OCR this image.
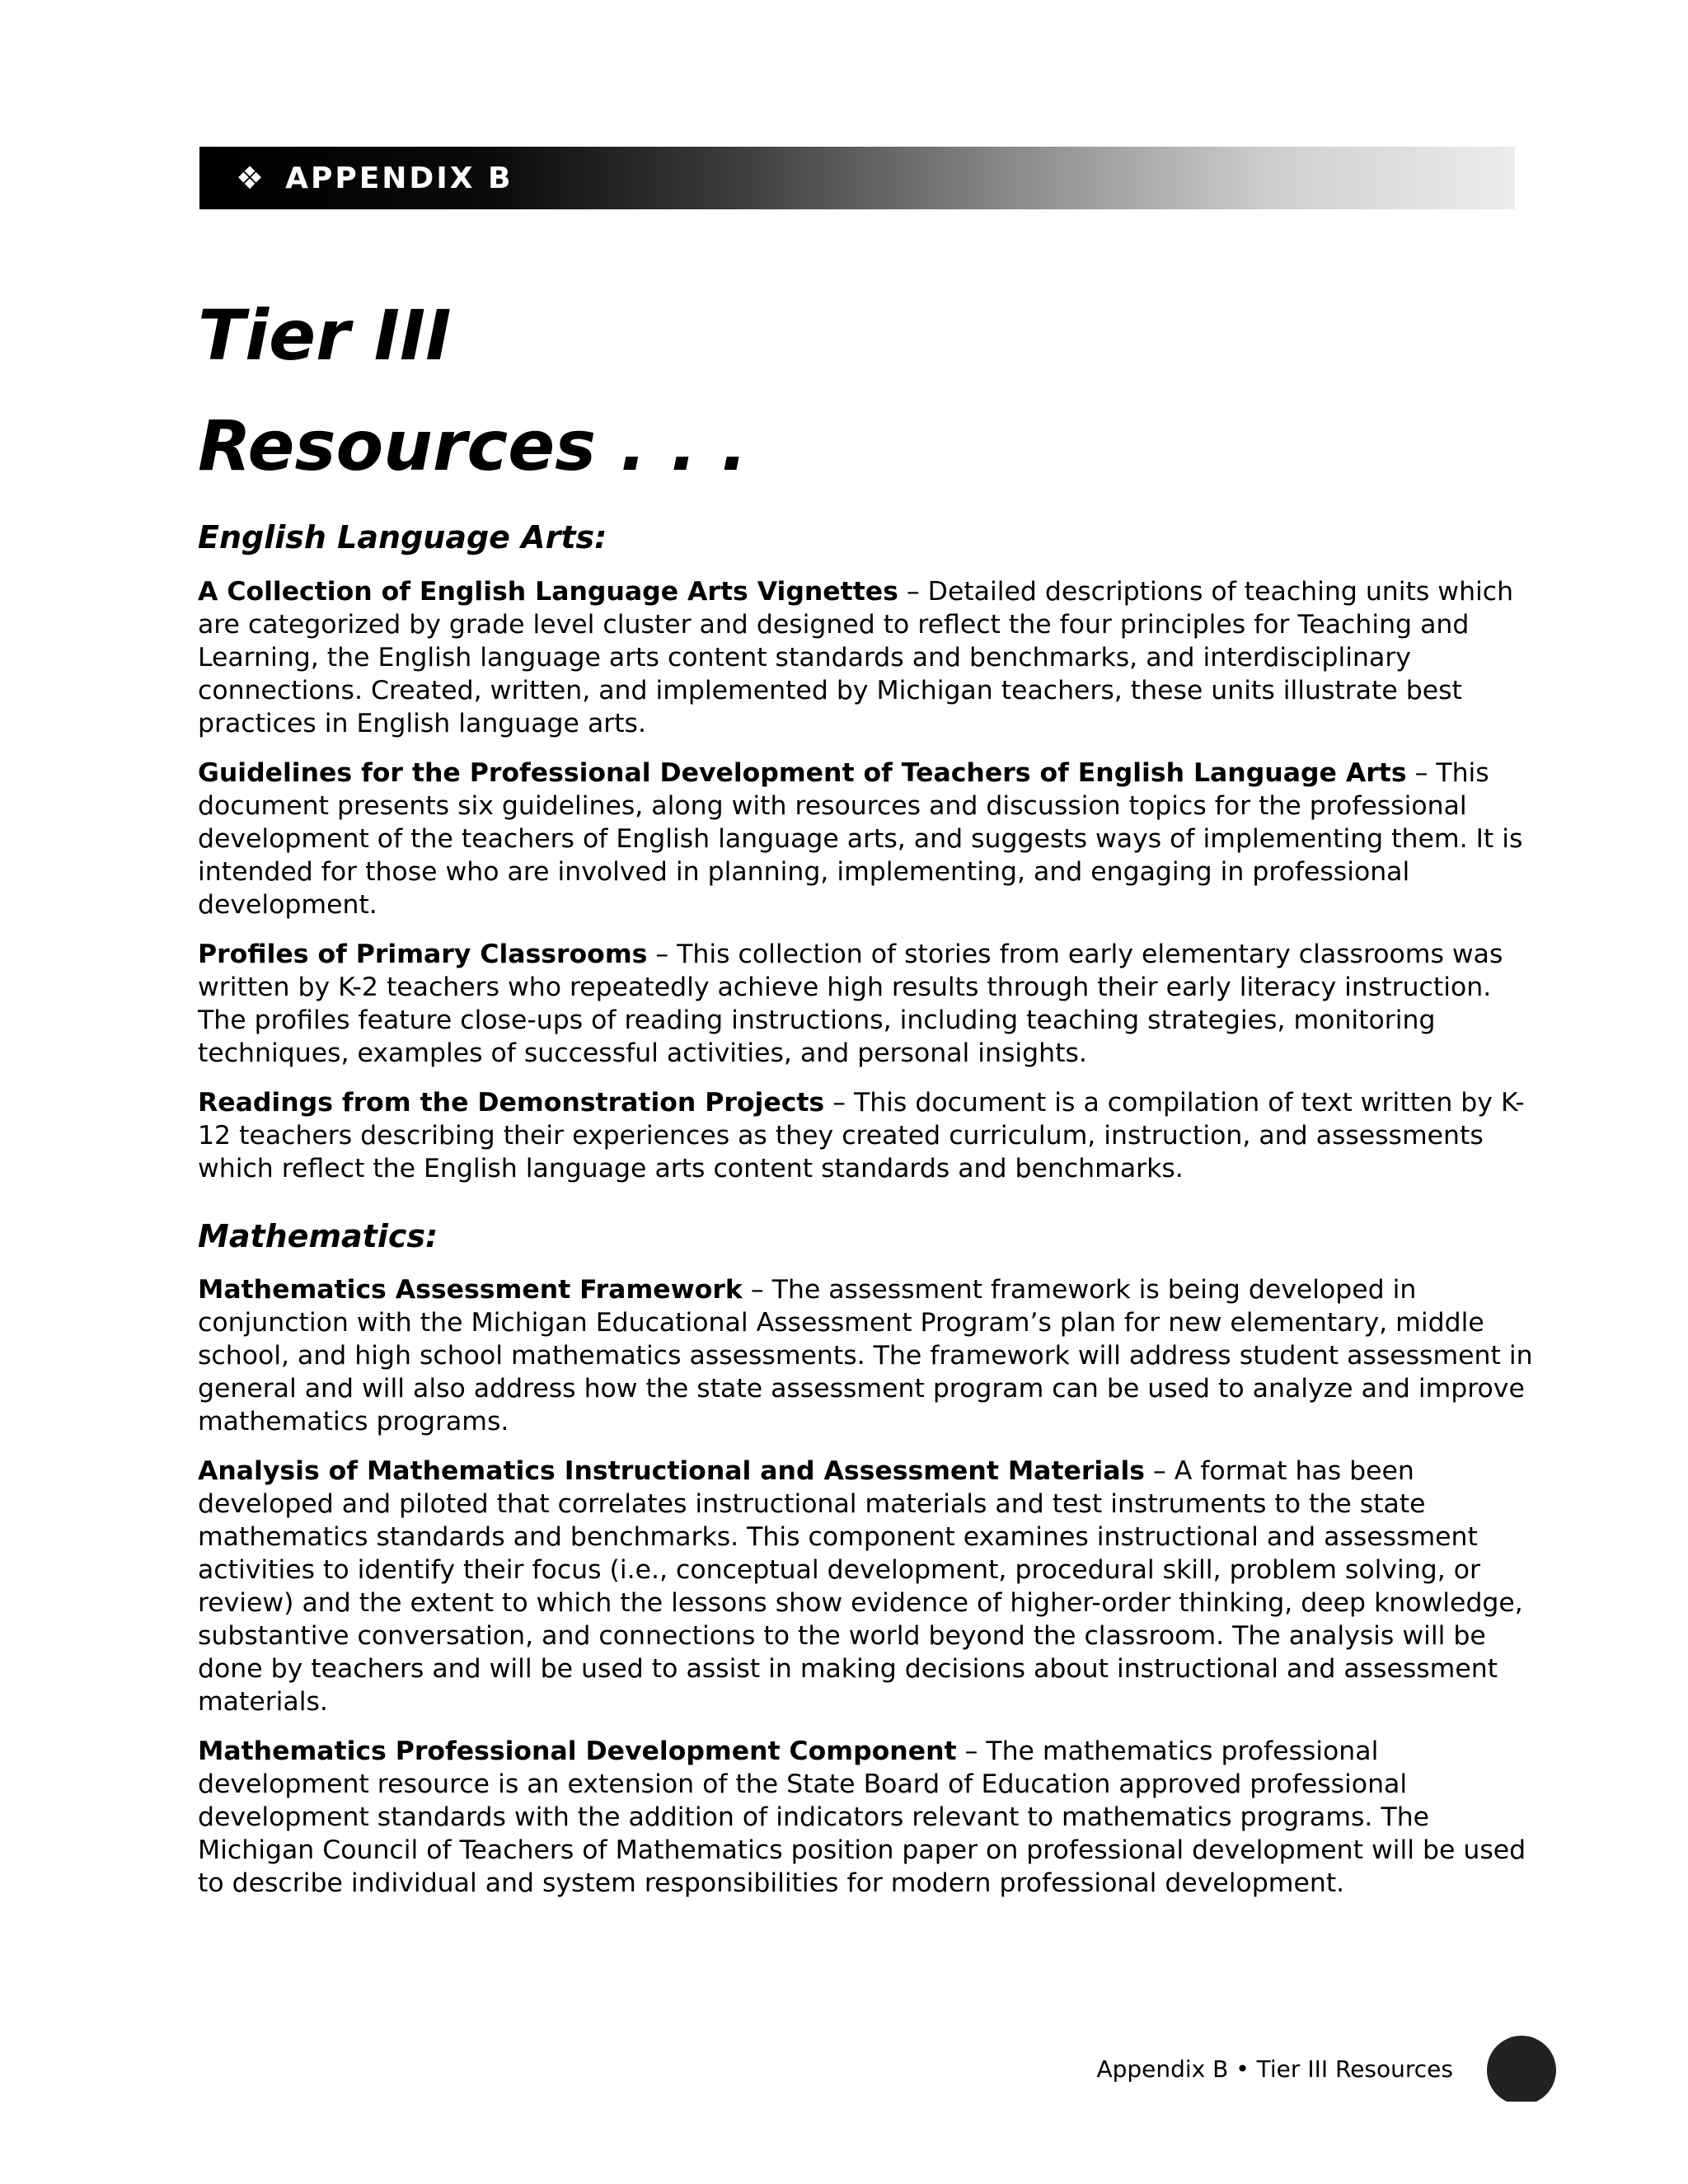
❖ APPENDIX B
Tier III
Resources . . .
English Language Arts:

A Collection of English Language Arts Vignettes – Detailed descriptions of teaching units which are categorized by grade level cluster and designed to reflect the four principles for Teaching and Learning, the English language arts content standards and benchmarks, and interdisciplinary connections. Created, written, and implemented by Michigan teachers, these units illustrate best practices in English language arts.

Guidelines for the Professional Development of Teachers of English Language Arts – This document presents six guidelines, along with resources and discussion topics for the professional development of the teachers of English language arts, and suggests ways of implementing them. It is intended for those who are involved in planning, implementing, and engaging in professional development.

Profiles of Primary Classrooms – This collection of stories from early elementary classrooms was written by K-2 teachers who repeatedly achieve high results through their early literacy instruction. The profiles feature close-ups of reading instructions, including teaching strategies, monitoring techniques, examples of successful activities, and personal insights.

Readings from the Demonstration Projects – This document is a compilation of text written by K-12 teachers describing their experiences as they created curriculum, instruction, and assessments which reflect the English language arts content standards and benchmarks.

Mathematics:

Mathematics Assessment Framework – The assessment framework is being developed in conjunction with the Michigan Educational Assessment Program’s plan for new elementary, middle school, and high school mathematics assessments. The framework will address student assessment in general and will also address how the state assessment program can be used to analyze and improve mathematics programs.

Analysis of Mathematics Instructional and Assessment Materials – A format has been developed and piloted that correlates instructional materials and test instruments to the state mathematics standards and benchmarks. This component examines instructional and assessment activities to identify their focus (i.e., conceptual development, procedural skill, problem solving, or review) and the extent to which the lessons show evidence of higher-order thinking, deep knowledge, substantive conversation, and connections to the world beyond the classroom. The analysis will be done by teachers and will be used to assist in making decisions about instructional and assessment materials.

Mathematics Professional Development Component – The mathematics professional development resource is an extension of the State Board of Education approved professional development standards with the addition of indicators relevant to mathematics programs. The Michigan Council of Teachers of Mathematics position paper on professional development will be used to describe individual and system responsibilities for modern professional development.

Appendix B • Tier III Resources
